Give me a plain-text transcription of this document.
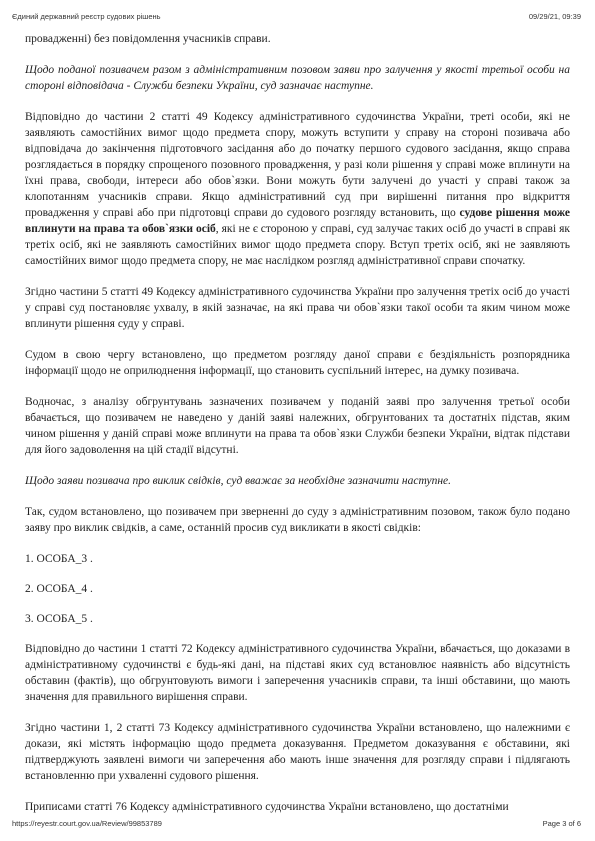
Єдиний державний реєстр судових рішень	09/29/21, 09:39

провадженні) без повідомлення учасників справи.

Щодо поданої позивачем разом з адміністративним позовом заяви про залучення у якості третьої особи на стороні відповідача - Служби безпеки України, суд зазначає наступне.

Відповідно до частини 2 статті 49 Кодексу адміністративного судочинства України, треті особи, які не заявляють самостійних вимог щодо предмета спору, можуть вступити у справу на стороні позивача або відповідача до закінчення підготовчого засідання або до початку першого судового засідання, якщо справа розглядається в порядку спрощеного позовного провадження, у разі коли рішення у справі може вплинути на їхні права, свободи, інтереси або обов`язки. Вони можуть бути залучені до участі у справі також за клопотанням учасників справи. Якщо адміністративний суд при вирішенні питання про відкриття провадження у справі або при підготовці справи до судового розгляду встановить, що судове рішення може вплинути на права та обов`язки осіб, які не є стороною у справі, суд залучає таких осіб до участі в справі як третіх осіб, які не заявляють самостійних вимог щодо предмета спору. Вступ третіх осіб, які не заявляють самостійних вимог щодо предмета спору, не має наслідком розгляд адміністративної справи спочатку.

Згідно частини 5 статті 49 Кодексу адміністративного судочинства України про залучення третіх осіб до участі у справі суд постановляє ухвалу, в якій зазначає, на які права чи обов`язки такої особи та яким чином може вплинути рішення суду у справі.

Судом в свою чергу встановлено, що предметом розгляду даної справи є бездіяльність розпорядника інформації щодо не оприлюднення інформації, що становить суспільний інтерес, на думку позивача.

Водночас, з аналізу обгрунтувань зазначених позивачем у поданій заяві про залучення третьої особи вбачається, що позивачем не наведено у даній заяві належних, обгрунтованих та достатніх підстав, яким чином рішення у даній справі може вплинути на права та обов`язки Служби безпеки України, відтак підстави для його задоволення на цій стадії відсутні.

Щодо заяви позивача про виклик свідків, суд вважає за необхідне зазначити наступне.

Так, судом встановлено, що позивачем при зверненні до суду з адміністративним позовом, також було подано заяву про виклик свідків, а саме, останній просив суд викликати в якості свідків:

1. ОСОБА_3 .

2. ОСОБА_4 .

3. ОСОБА_5 .

Відповідно до частини 1 статті 72 Кодексу адміністративного судочинства України, вбачається, що доказами в адміністративному судочинстві є будь-які дані, на підставі яких суд встановлює наявність або відсутність обставин (фактів), що обгрунтовують вимоги і заперечення учасників справи, та інші обставини, що мають значення для правильного вирішення справи.

Згідно частини 1, 2 статті 73 Кодексу адміністративного судочинства України встановлено, що належними є докази, які містять інформацію щодо предмета доказування. Предметом доказування є обставини, які підтверджують заявлені вимоги чи заперечення або мають інше значення для розгляду справи і підлягають встановленню при ухваленні судового рішення.

Приписами статті 76 Кодексу адміністративного судочинства України встановлено, що достатніми

https://reyestr.court.gov.ua/Review/99853789	Page 3 of 6
